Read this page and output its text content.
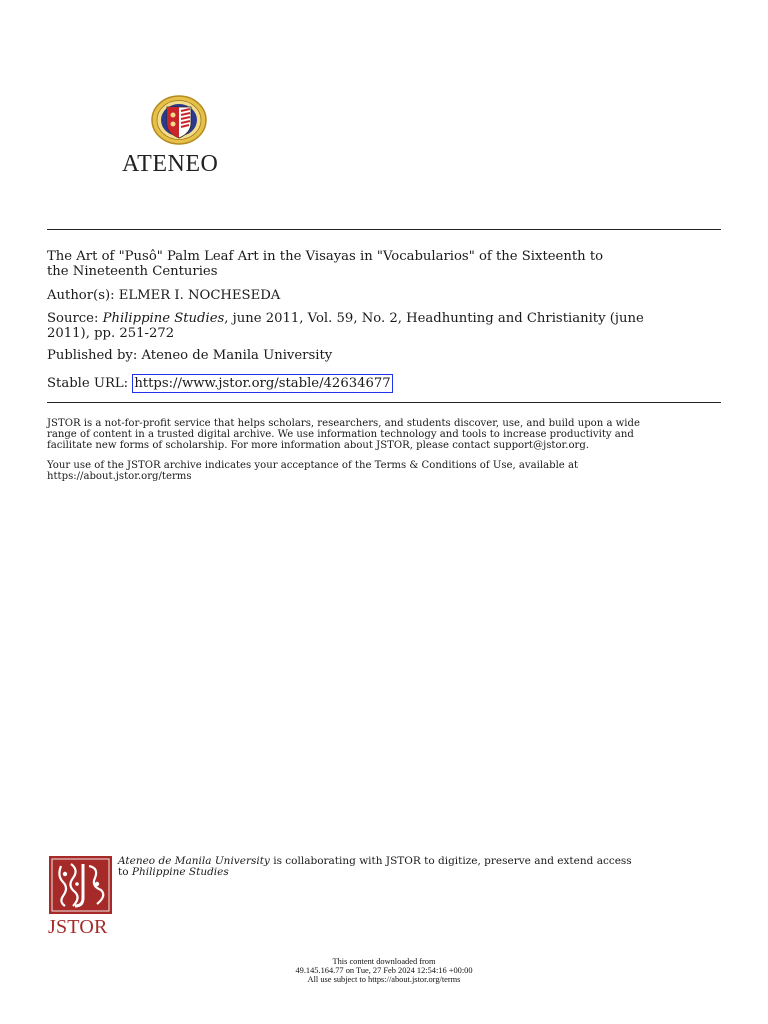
ATENEO
The Art of "Pusô" Palm Leaf Art in the Visayas in "Vocabularios" of the Sixteenth to
the Nineteenth Centuries
Author(s): ELMER I. NOCHESEDA
Source: Philippine Studies, june 2011, Vol. 59, No. 2, Headhunting and Christianity (june
2011), pp. 251-272
Published by: Ateneo de Manila University
Stable URL: https://www.jstor.org/stable/42634677
JSTOR is a not-for-profit service that helps scholars, researchers, and students discover, use, and build upon a wide
range of content in a trusted digital archive. We use information technology and tools to increase productivity and
facilitate new forms of scholarship. For more information about JSTOR, please contact support@jstor.org.
Your use of the JSTOR archive indicates your acceptance of the Terms & Conditions of Use, available at
https://about.jstor.org/terms
JSTOR
Ateneo de Manila University is collaborating with JSTOR to digitize, preserve and extend access
to Philippine Studies
This content downloaded from
49.145.164.77 on Tue, 27 Feb 2024 12:54:16 +00:00
All use subject to https://about.jstor.org/terms
